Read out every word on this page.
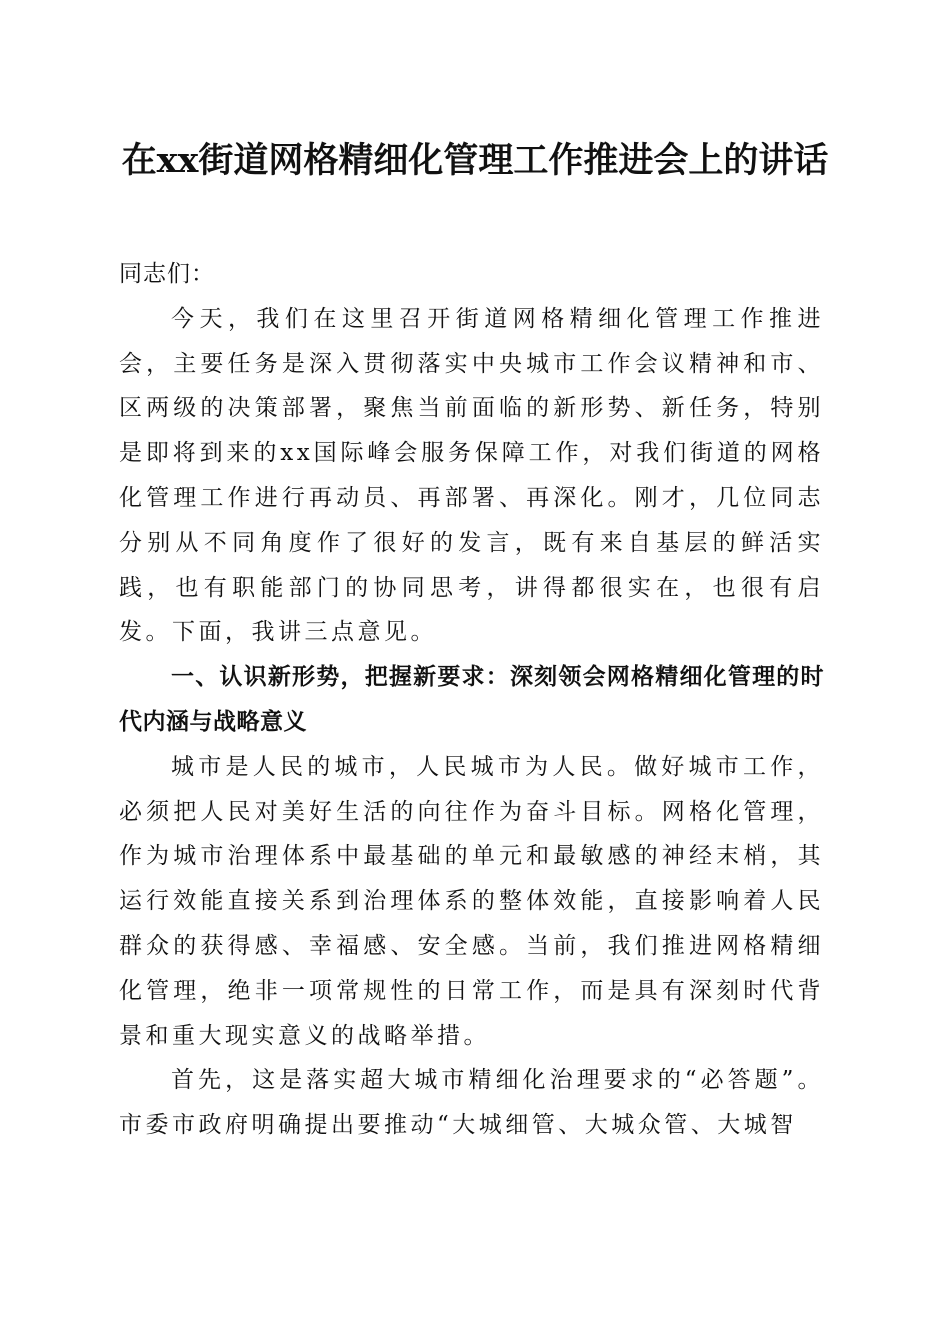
在xx街道网格精细化管理工作推进会上的讲话

同志们：

今天，我们在这里召开街道网格精细化管理工作推进会，主要任务是深入贯彻落实中央城市工作会议精神和市、区两级的决策部署，聚焦当前面临的新形势、新任务，特别是即将到来的xx国际峰会服务保障工作，对我们街道的网格化管理工作进行再动员、再部署、再深化。刚才，几位同志分别从不同角度作了很好的发言，既有来自基层的鲜活实践，也有职能部门的协同思考，讲得都很实在，也很有启发。下面，我讲三点意见。

一、认识新形势，把握新要求：深刻领会网格精细化管理的时代内涵与战略意义

城市是人民的城市，人民城市为人民。做好城市工作，必须把人民对美好生活的向往作为奋斗目标。网格化管理，作为城市治理体系中最基础的单元和最敏感的神经末梢，其运行效能直接关系到治理体系的整体效能，直接影响着人民群众的获得感、幸福感、安全感。当前，我们推进网格精细化管理，绝非一项常规性的日常工作，而是具有深刻时代背景和重大现实意义的战略举措。

首先，这是落实超大城市精细化治理要求的“必答题”。市委市政府明确提出要推动“大城细管、大城众管、大城智
